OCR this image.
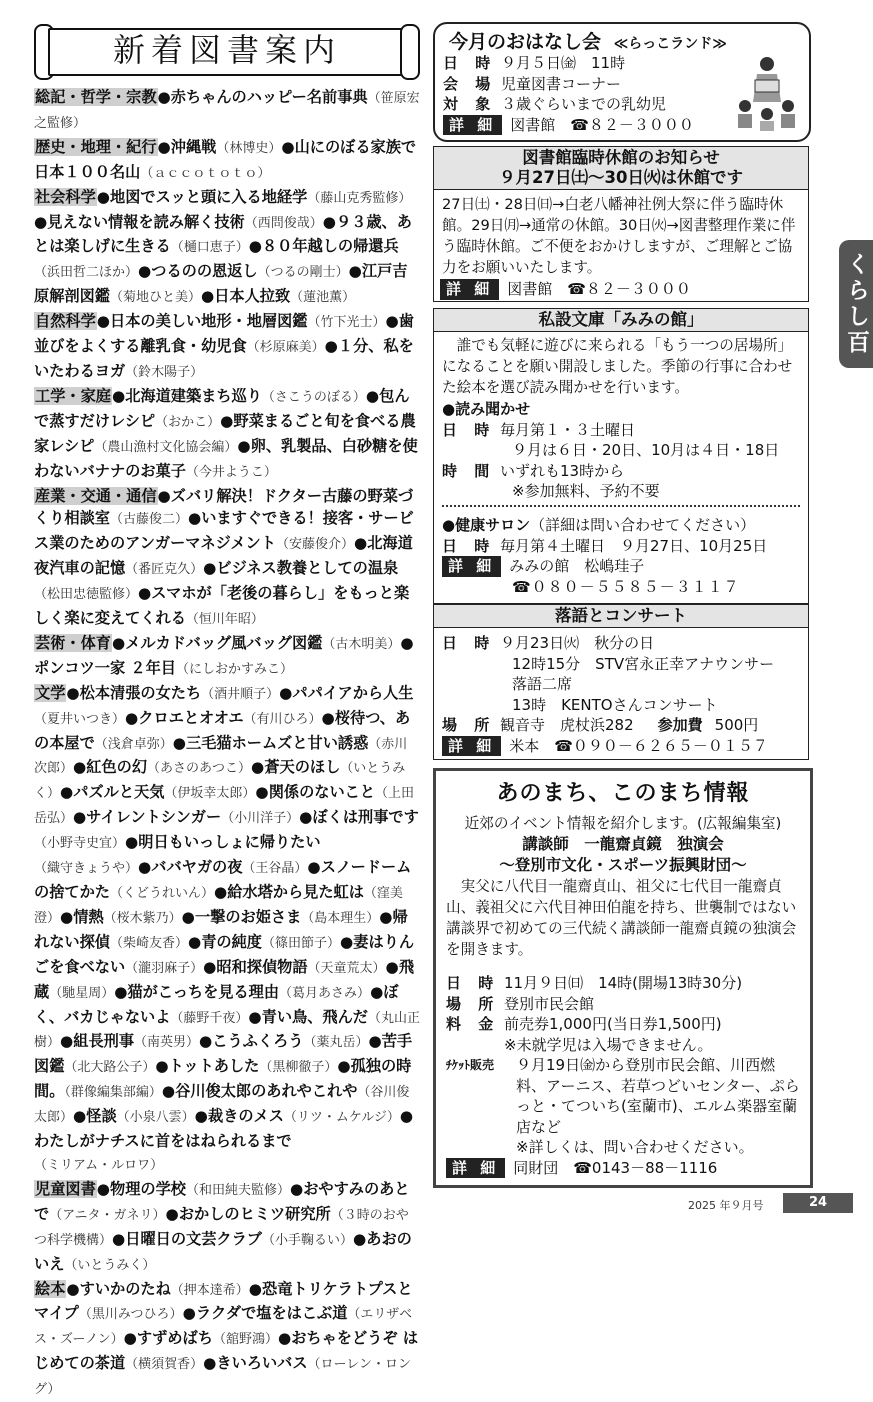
新着図書案内
総記・哲学・宗教●赤ちゃんのハッピー名前事典（笹原宏之監修）
歴史・地理・紀行●沖縄戦（林博史）●山にのぼる家族で日本１００名山（ａｃｃｏｔｏｔｏ）
社会科学●地図でスッと頭に入る地経学（藤山克秀監修）●見えない情報を読み解く技術（西問俊哉）●９３歳、あとは楽しげに生きる（樋口恵子）●８０年越しの帰還兵（浜田哲二ほか）●つるのの恩返し（つるの剛士）●江戸吉原解剖図鑑（菊地ひと美）●日本人拉致（蓮池薫）
自然科学●日本の美しい地形・地層図鑑（竹下光士）●歯並びをよくする離乳食・幼児食（杉原麻美）●１分、私をいたわるヨガ（鈴木陽子）
工学・家庭●北海道建築まち巡り（さこうのぼる）●包んで蒸すだけレシピ（おかこ）●野菜まるごと旬を食べる農家レシピ（農山漁村文化協会編）●卵、乳製品、白砂糖を使わないバナナのお菓子（今井ようこ）
産業・交通・通信●ズバリ解決！ドクター古藤の野菜づくり相談室（古藤俊二）●いますぐできる！接客・サービス業のためのアンガーマネジメント（安藤俊介）●北海道夜汽車の記憶（番匠克久）●ビジネス教養としての温泉（松田忠徳監修）●スマホが「老後の暮らし」をもっと楽しく楽に変えてくれる（恒川年昭）
芸術・体育●メルカドバッグ風バッグ図鑑（古木明美）●ポンコツ一家 ２年目（にしおかすみこ）
文学●松本清張の女たち（酒井順子）●パパイアから人生（夏井いつき）●クロエとオオエ（有川ひろ）●桜待つ、あの本屋で（浅倉卓弥）●三毛猫ホームズと甘い誘惑（赤川次郎）●紅色の幻（あさのあつこ）●蒼天のほし（いとうみく）●パズルと天気（伊坂幸太郎）●関係のないこと（上田岳弘）●サイレントシンガー（小川洋子）●ぼくは刑事です（小野寺史宜）●明日もいっしょに帰りたい（織守きょうや）●ババヤガの夜（王谷晶）●スノードームの捨てかた（くどうれいん）●給水塔から見た虹は（窪美澄）●情熱（桜木紫乃）●一撃のお姫さま（島本理生）●帰れない探偵（柴崎友香）●青の純度（篠田節子）●妻はりんごを食べない（瀧羽麻子）●昭和探偵物語（天童荒太）●飛蔵（馳星周）●猫がこっちを見る理由（葛月あさみ）●ぼく、バカじゃないよ（藤野千夜）●青い鳥、飛んだ（丸山正樹）●組長刑事（南英男）●こうふくろう（薬丸岳）●苦手図鑑（北大路公子）●トットあした（黒柳徹子）●孤独の時間。（群像編集部編）●谷川俊太郎のあれやこれや（谷川俊太郎）●怪談（小泉八雲）●裁きのメス（リツ・ムケルジ）●わたしがナチスに首をはねられるまで（ミリアム・ルロワ）
児童図書●物理の学校（和田純夫監修）●おやすみのあとで（アニタ・ガネリ）●おかしのヒミツ研究所（３時のおやつ科学機構）●日曜日の文芸クラブ（小手鞠るい）●あおのいえ（いとうみく）
絵本●すいかのたね（押本達希）●恐竜トリケラトプスとマイプ（黒川みつひろ）●ラクダで塩をはこぶ道（エリザベス・ズーノン）●すずめばち（舘野鴻）●おちゃをどうぞ はじめての茶道（横須賀香）●きいろいバス（ローレン・ロング）
今月のおはなし会 ≪らっこランド≫
日 時 ９月５日㈮　11時
会 場 児童図書コーナー
対 象 ３歳ぐらいまでの乳幼児
詳 細 図書館　☎８２－３０００
図書館臨時休館のお知らせ
９月27日㈯～30日㈫は休館です
27日㈯・28日㈰→白老八幡神社例大祭に伴う臨時休館。29日㈪→通常の休館。30日㈫→図書整理作業に伴う臨時休館。ご不便をおかけしますが、ご理解とご協力をお願いいたします。
詳 細 図書館　☎８２－３０００
私設文庫「みみの館」
誰でも気軽に遊びに来られる「もう一つの居場所」になることを願い開設しました。季節の行事に合わせた絵本を選び読み聞かせを行います。
●読み聞かせ
日 時 毎月第１・３土曜日
９月は６日・20日、10月は４日・18日
時 間 いずれも13時から
※参加無料、予約不要
●健康サロン（詳細は問い合わせてください）
日 時 毎月第４土曜日　９月27日、10月25日
詳 細 みみの館　松嶋珪子
☎０８０－５５８５－３１１７
落語とコンサート
日 時 ９月23日㈫　秋分の日
12時15分　STV宮永正幸アナウンサー
落語二席
13時　KENTOさんコンサート
場 所 観音寺　虎杖浜282 参加費 500円
詳 細 米本　☎０９０－６２６５－０１５７
あのまち、このまち情報
近郊のイベント情報を紹介します。(広報編集室)
講談師　一龍齋貞鏡　独演会
～登別市文化・スポーツ振興財団～
実父に八代目一龍齋貞山、祖父に七代目一龍齋貞山、義祖父に六代目神田伯龍を持ち、世襲制ではない講談界で初めての三代続く講談師一龍齋貞鏡の独演会を開きます。
日 時 11月９日㈰　14時(開場13時30分)
場 所 登別市民会館
料 金 前売券1,000円(当日券1,500円)
※未就学児は入場できません。
ﾁｹｯﾄ販売	９月19日㈮から登別市民会館、川西燃料、アーニス、若草つどいセンター、ぷらっと・てついち(室蘭市)、エルム楽器室蘭店など
※詳しくは、問い合わせください。
詳 細 同財団　☎0143－88－1116
くらし百科
2025 年９月号	24
